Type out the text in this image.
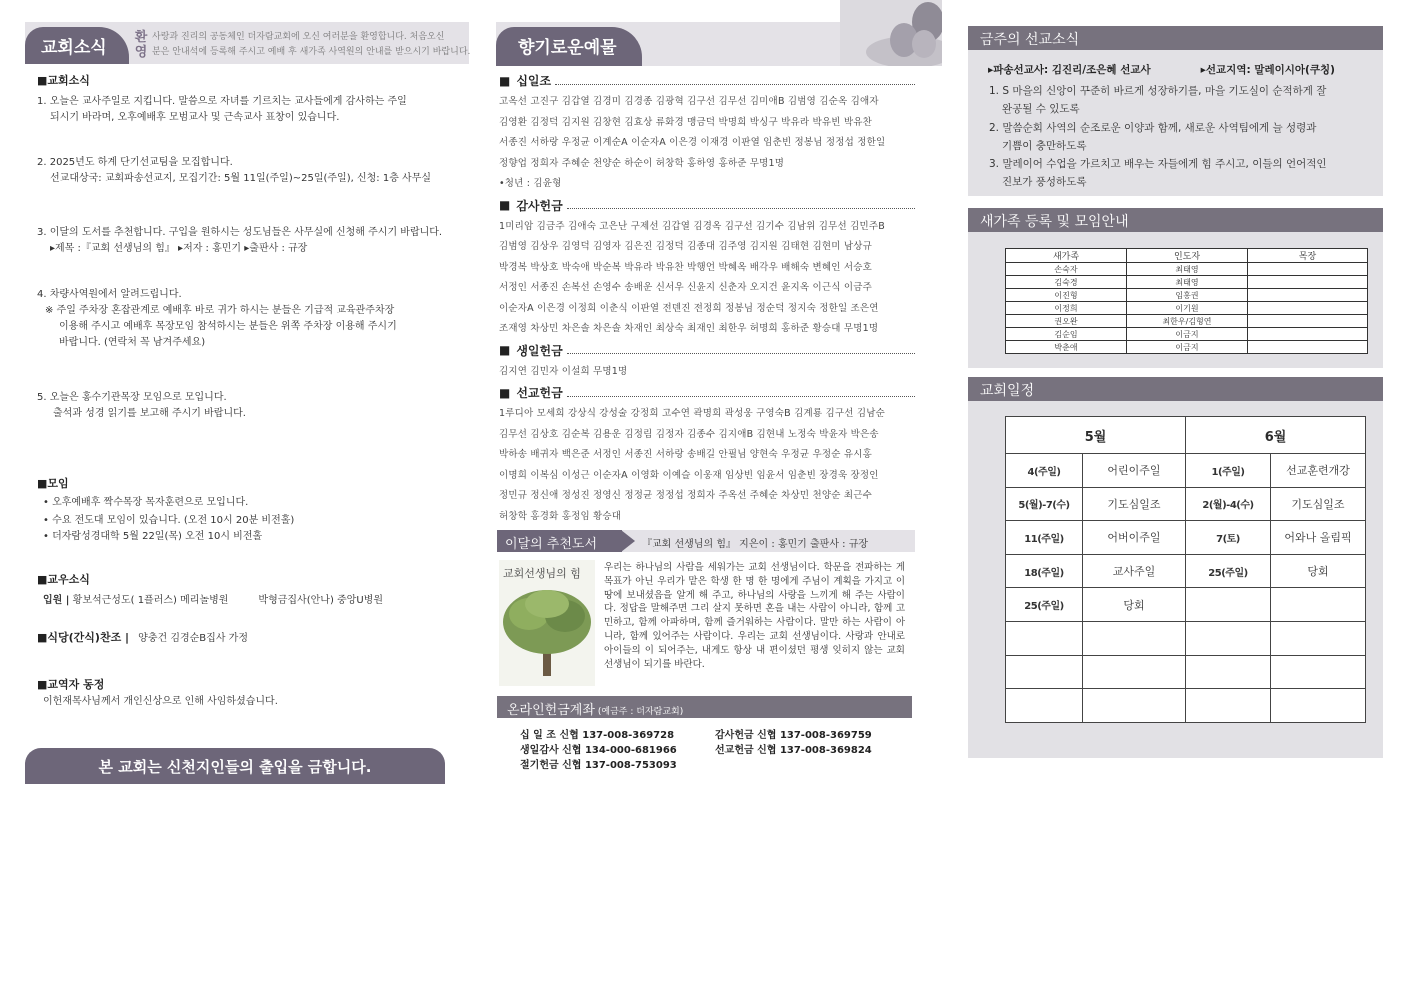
교회소식
환
영
사랑과 진리의 공동체인 더자람교회에 오신 여러분을 환영합니다. 처음오신
분은 안내석에 등록해 주시고 예배 후 새가족 사역원의 안내를 받으시기 바랍니다.
■교회소식
1. 오늘은 교사주일로 지킵니다. 말씀으로 자녀를 기르치는 교사들에게 감사하는 주일
되시기 바라며, 오후예배후 모범교사 및 근속교사 표창이 있습니다.
2. 2025년도 하계 단기선교팀을 모집합니다.
선교대상국: 교회파송선교지, 모집기간: 5월 11일(주일)~25일(주일), 신청: 1층 사무실
3. 이달의 도서를 추천합니다. 구입을 원하시는 성도님들은 사무실에 신청해 주시기 바랍니다.
▸제목 :『교회 선생님의 힘』 ▸저자 : 홍민기 ▸출판사 : 규장
4. 차량사역원에서 알려드립니다.
※ 주일 주차장 혼잡관계로 예배후 바로 귀가 하시는 분들은 기급적 교육관주차장
이용해 주시고 예배후 목장모임 참석하시는 분들은 위쪽 주차장 이용해 주시기
바랍니다. (연락처 꼭 남겨주세요)
5. 오늘은 홍수기관목장 모임으로 모입니다.
출석과 성경 읽기를 보고해 주시기 바랍니다.
■모임
• 오후예배후 짝수목장 목자훈련으로 모입니다.
• 수요 전도대 모임이 있습니다. (오전 10시 20분 비전홀)
• 더자람성경대학 5월 22일(목) 오전 10시 비전홀
■교우소식
입원 | 황보석근성도( 1플러스) 메리놀병원	박형금집사(안나) 중앙U병원
■식당(간식)찬조 | 양충건 김경순B집사 가정
■교역자 동정
이헌재목사님께서 개인신상으로 인해 사임하셨습니다.
본 교회는 신천지인들의 출입을 금합니다.
향기로운예물
■ 십일조
고옥선 고진구 김갑열 김경미 김경종 김광혁 김구선 김무선 김미애B 김범영 김순옥 김애자
김영환 김정덕 김지원 김창현 김효상 류화경 맹금덕 박명희 박싱구 박유라 박유빈 박유찬
서종진 서하랑 우정균 이계순A 이순자A 이은경 이재경 이판열 임춘빈 정봉님 정정섭 정한일
정향업 정희자 주혜순 천양순 하순이 허창학 홍하영 홍하준 무명1명
•청년 : 김윤형
■ 감사헌금
1미리암 김금주 김애숙 고은난 구제선 김갑열 김경옥 김구선 김기수 김남위 김무선 김민주B
김범영 김상우 김영덕 김영자 김은진 김정덕 김종대 김주영 김지원 김태현 김현미 남상규
박경복 박상호 박숙애 박순복 박유라 박유찬 박행언 박혜옥 배각우 배해숙 변혜인 서승호
서정인 서종진 손복선 손영수 송배운 신서우 신윤지 신춘자 오지건 윤지옥 이근식 이금주
이순자A 이은경 이정희 이춘식 이판열 전덴진 전정희 정봉님 정순덕 정지숙 정한일 조은연
조재영 차상민 차은솔 차은솔 차재인 최상숙 최재인 최한우 허명희 홍하준 황승대 무명1명
■ 생일헌금
김지연 김민자 이설희 무명1명
■ 선교헌금
1루디아 모세희 강상식 강성술 강정희 고수연 곽명희 곽성웅 구영숙B 김계룡 김구선 김남순
김무선 김상호 김순복 김용운 김정림 김정자 김종수 김지애B 김현내 노정숙 박윤자 박은송
박하송 배귀자 백은준 서정인 서종진 서하랑 송배길 안필님 양현숙 우정균 우정순 유시홍
이명희 이복심 이성근 이순자A 이영화 이예슬 이웅재 임상빈 임윤서 임춘빈 장경욱 장정인
정민규 정신애 정성진 정영신 정정균 정정섭 정희자 주옥선 주혜순 차상민 천양순 최근수
허창학 홍경화 홍정임 황승대
이달의 추천도서	『교회 선생님의 힘』 지은이 : 홍민기 출판사 : 규장
교회선생님의 힘	우리는 하나님의 사람을 세워가는 교회 선생님이다. 학문을 전파하는 게 목표가 아닌 우리가 맡은 학생 한 명 한 명에게 주님이 계획을 가지고 이 땅에 보내셨음을 알게 해 주고, 하나님의 사랑을 느끼게 해 주는 사람이다. 정답을 말해주면 그리 살지 못하면 혼을 내는 사람이 아니라, 함께 고민하고, 함께 아파하며, 함께 즐거워하는 사람이다. 말만 하는 사람이 아니라, 함께 있어주는 사람이다. 우리는 교회 선생님이다. 사랑과 안내로 아이들의 이 되어주는, 내게도 항상 내 편이셨던 평생 잊히지 않는 교회 선생님이 되기를 바란다.
온라인헌금계좌 (예금주 : 더자람교회)
십 일 조 신협 137-008-369728	감사헌금 신협 137-008-369759
생일감사 신협 134-000-681966	선교헌금 신협 137-008-369824
절기헌금 신협 137-008-753093
금주의 선교소식
▸파송선교사: 김진리/조은혜 선교사	▸선교지역: 말레이시아(쿠칭)
1. S 마을의 신앙이 꾸준히 바르게 성장하기를, 마을 기도실이 순적하게 잘
완공될 수 있도록
2. 말씀순회 사역의 순조로운 이양과 함께, 새로운 사역팀에게 늘 성령과
기쁨이 충만하도록
3. 말레이어 수업을 가르치고 배우는 자들에게 힘 주시고, 이들의 언어적인
진보가 풍성하도록
새가족 등록 및 모임안내
새가족	인도자	목장
손숙자	최태영	
김숙경	최태영	
이진형	임홍권	
이정희	이기원	
권오완	최한우/김형연	
김순임	이금지	
박춘애	이금지	
교회일정
5월		6월	
4(주일)	어린이주일	1(주일)	선교훈련개강
5(월)-7(수)	기도심일조	2(월)-4(수)	기도심일조
11(주일)	어버이주일	7(토)	어와나 올림픽
18(주일)	교사주일	25(주일)	당회
25(주일)	당회		
